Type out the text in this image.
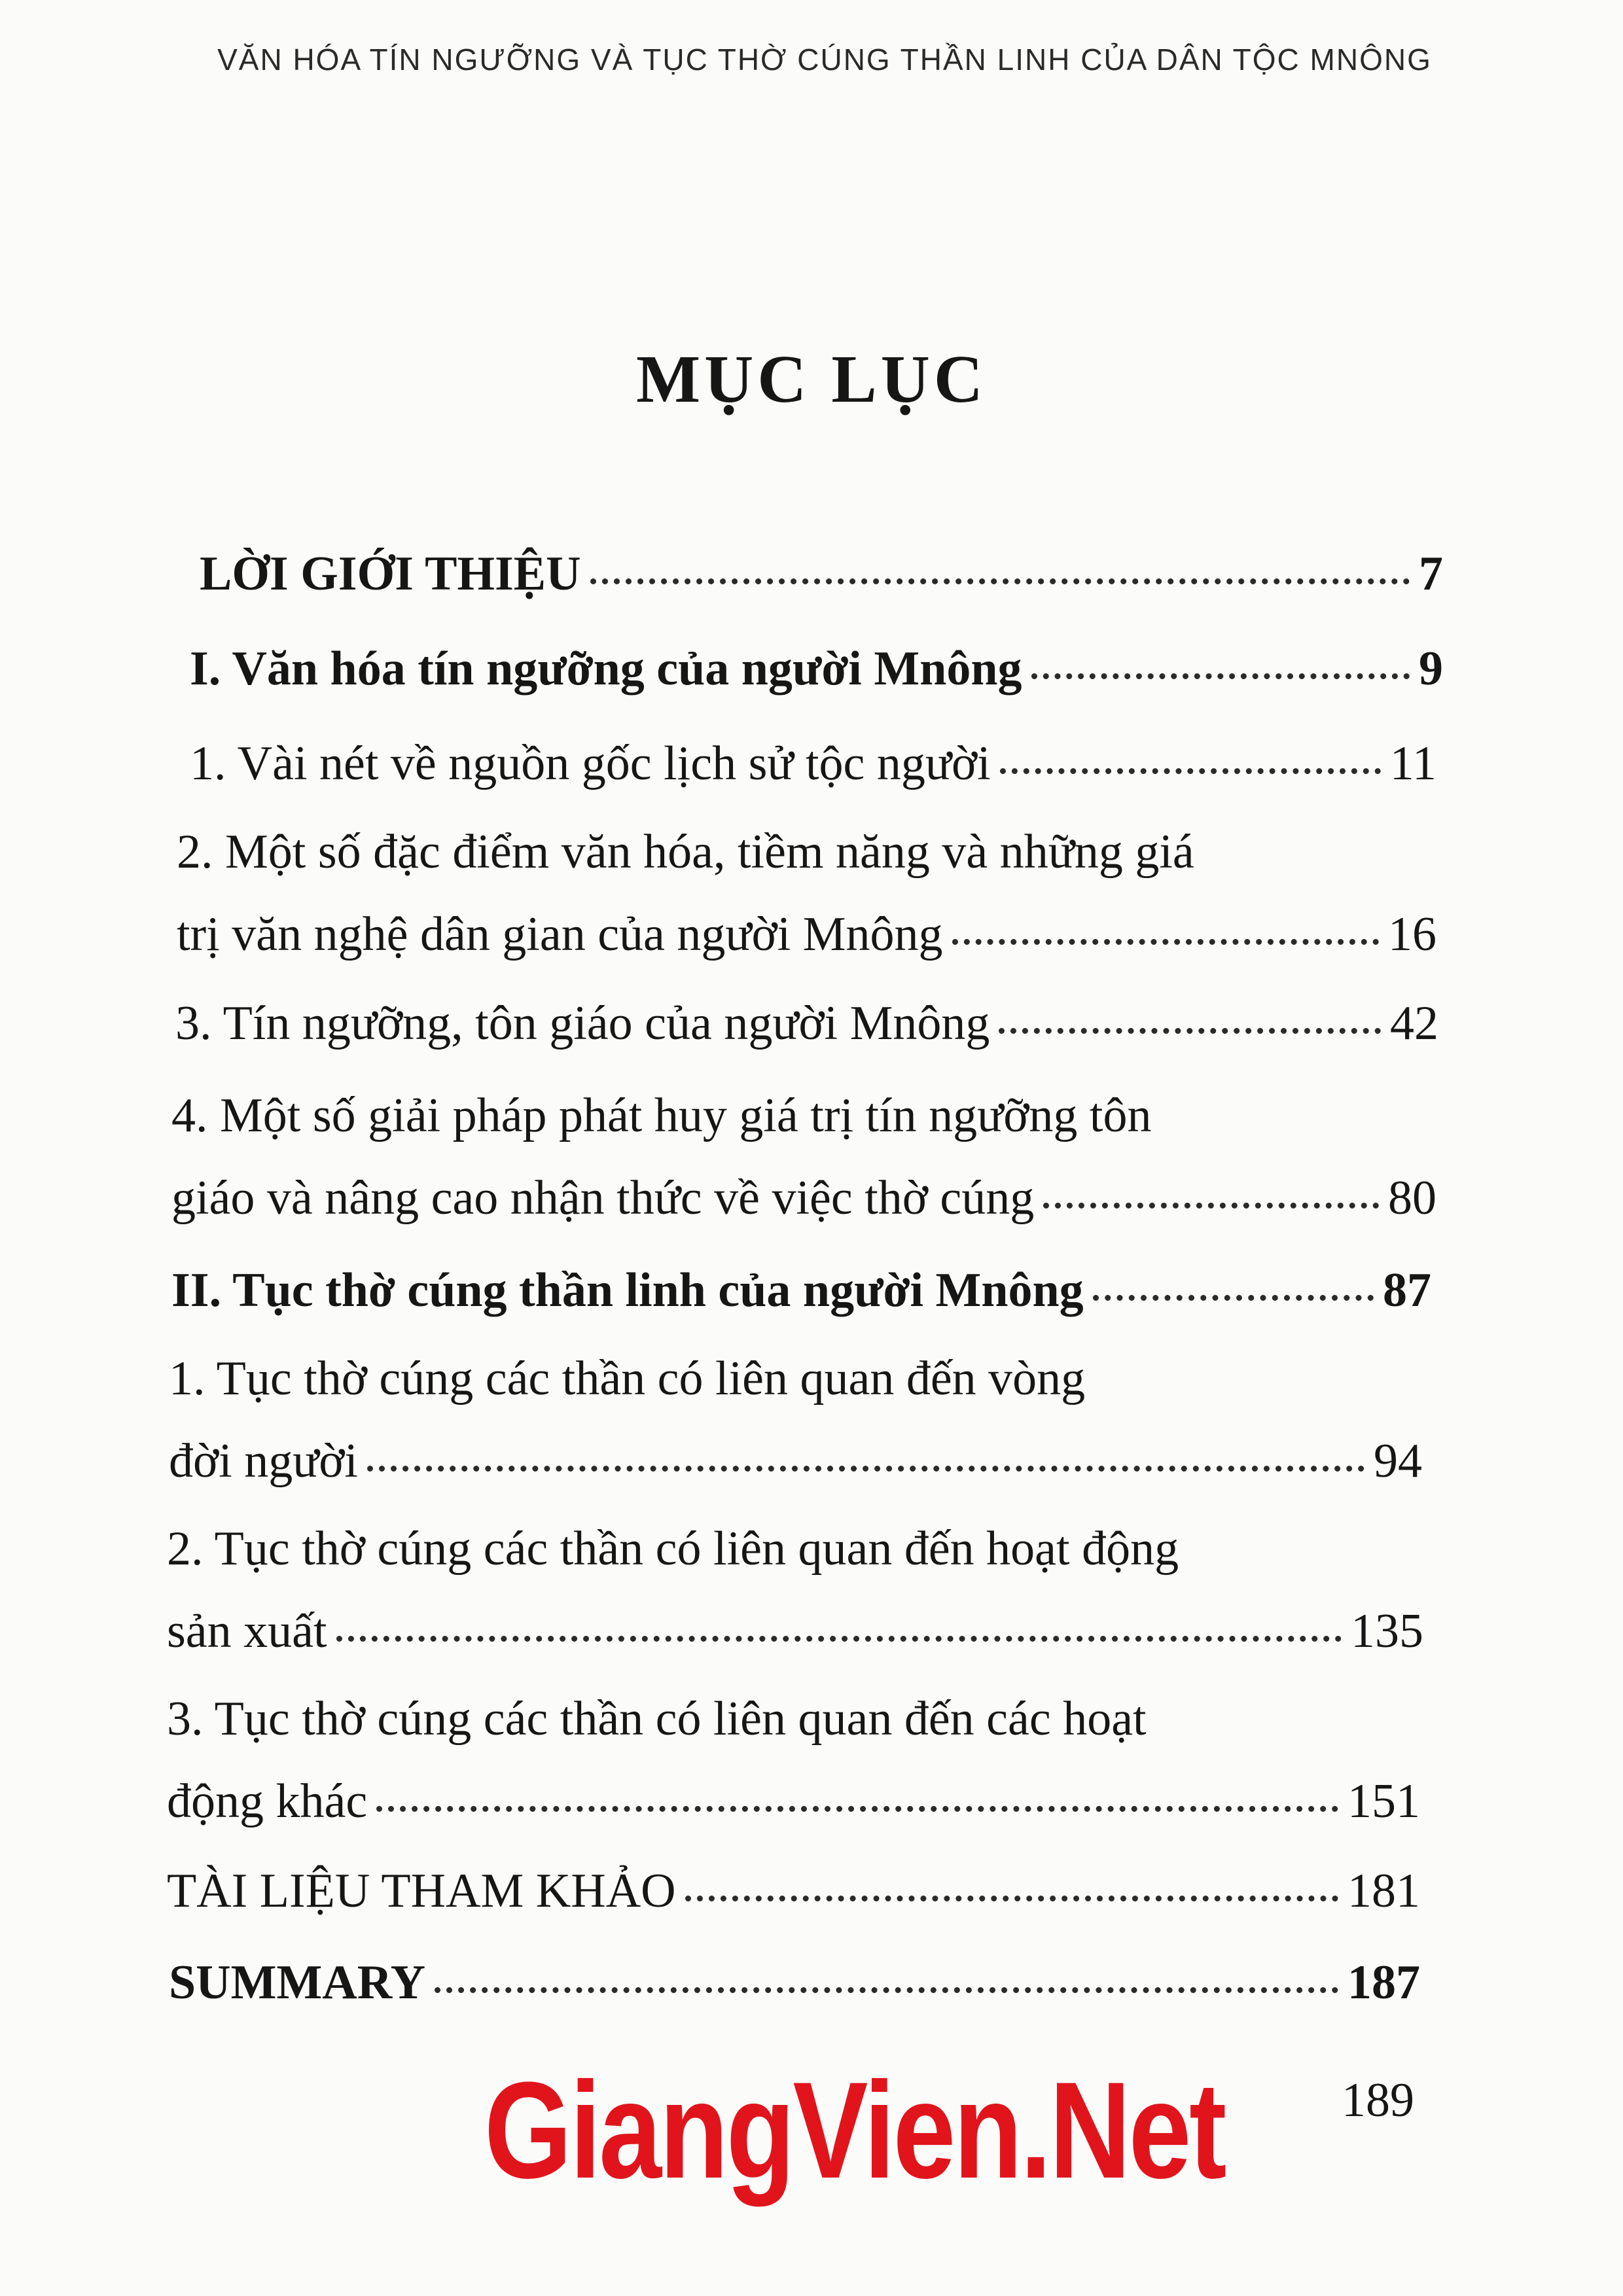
VĂN HÓA TÍN NGƯỠNG VÀ TỤC THỜ CÚNG THẦN LINH CỦA DÂN TỘC MNÔNG
MỤC LỤC
LỜI GIỚI THIỆU	7
I. Văn hóa tín ngưỡng của người Mnông	9
1. Vài nét về nguồn gốc lịch sử tộc người	11
2. Một số đặc điểm văn hóa, tiềm năng và những giá
trị văn nghệ dân gian của người Mnông	16
3. Tín ngưỡng, tôn giáo của người Mnông	42
4. Một số giải pháp phát huy giá trị tín ngưỡng tôn
giáo và nâng cao nhận thức về việc thờ cúng	80
II. Tục thờ cúng thần linh của người Mnông	87
1. Tục thờ cúng các thần có liên quan đến vòng
đời người	94
2. Tục thờ cúng các thần có liên quan đến hoạt động
sản xuất	135
3. Tục thờ cúng các thần có liên quan đến các hoạt
động khác	151
TÀI LIỆU THAM KHẢO	181
SUMMARY	187
GiangVien.Net 189
